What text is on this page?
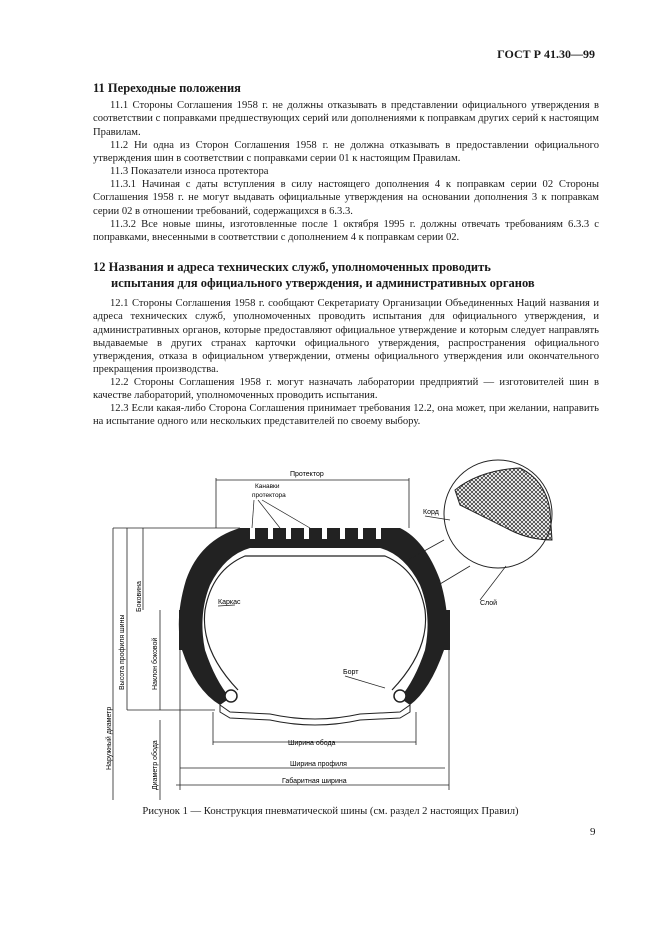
ГОСТ Р 41.30—99
11 Переходные положения

11.1 Стороны Соглашения 1958 г. не должны отказывать в представлении официального утверждения в соответствии с поправками предшествующих серий или дополнениями к поправкам других серий к настоящим Правилам.

11.2 Ни одна из Сторон Соглашения 1958 г. не должна отказывать в предоставлении официального утверждения шин в соответствии с поправками серии 01 к настоящим Правилам.

11.3 Показатели износа протектора

11.3.1 Начиная с даты вступления в силу настоящего дополнения 4 к поправкам серии 02 Стороны Соглашения 1958 г. не могут выдавать официальные утверждения на основании дополнения 3 к поправкам серии 02 в отношении требований, содержащихся в 6.3.3.

11.3.2 Все новые шины, изготовленные после 1 октября 1995 г. должны отвечать требованиям 6.3.3 с поправками, внесенными в соответствии с дополнением 4 к поправкам серии 02.

12 Названия и адреса технических служб, уполномоченных проводить
испытания для официального утверждения, и административных органов

12.1 Стороны Соглашения 1958 г. сообщают Секретариату Организации Объединенных Наций названия и адреса технических служб, уполномоченных проводить испытания для официального утверждения, и административных органов, которые предоставляют официальное утверждение и которым следует направлять выдаваемые в других странах карточки официального утверждения, распространения официального утверждения, отказа в официальном утверждении, отмены официального утверждения или окончательного прекращения производства.

12.2 Стороны Соглашения 1958 г. могут назначать лаборатории предприятий — изготовителей шин в качестве лабораторий, уполномоченных проводить испытания.

12.3 Если какая-либо Сторона Соглашения принимает требования 12.2, она может, при желании, направить на испытание одного или нескольких представителей по своему выбору.

Протектор
Канавки
протектора
Корд
Слой
Каркас
Борт
Ширина обода
Ширина профиля
Габаритная ширина
Наружный диаметр
Высота профиля шины
Боковина
Наклон боковой
Диаметр обода
Рисунок 1 — Конструкция пневматической шины (см. раздел 2 настоящих Правил)
9
